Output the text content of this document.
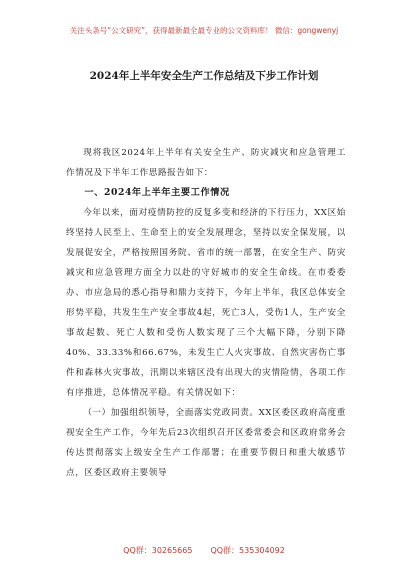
关注头条号“公文研究”，获得最新最全最专业的公文资料库！ 微信：gongwenyj
2024年上半年安全生产工作总结及下步工作计划

现将我区2024年上半年有关安全生产、防灾减灾和应急管理工作情况及下半年工作思路报告如下：

一、2024年上半年主要工作情况

今年以来，面对疫情防控的反复多变和经济的下行压力，XX区始终坚持人民至上、生命至上的安全发展理念，坚持以安全保发展，以发展促安全，严格按照国务院、省市的统一部署，在安全生产、防灾减灾和应急管理方面全力以赴的守好城市的安全生命线。在市委委办、市应急局的悉心指导和鼎力支持下，今年上半年，我区总体安全形势平稳，共发生生产安全事故4起，死亡3人，受伤1人，生产安全事故起数、死亡人数和受伤人数实现了三个大幅下降，分别下降40%、33.33%和66.67%，未发生亡人火灾事故、自然灾害伤亡事件和森林火灾事故，汛期以来辖区没有出现大的灾情险情，各项工作有序推进，总体情况平稳。有关情况如下：

（一）加强组织领导，全面落实党政同责。XX区委区政府高度重视安全生产工作，今年先后23次组织召开区委常委会和区政府常务会传达贯彻落实上级安全生产工作部署；在重要节假日和重大敏感节点，区委区政府主要领导

QQ群：30265665 QQ群：535304092
